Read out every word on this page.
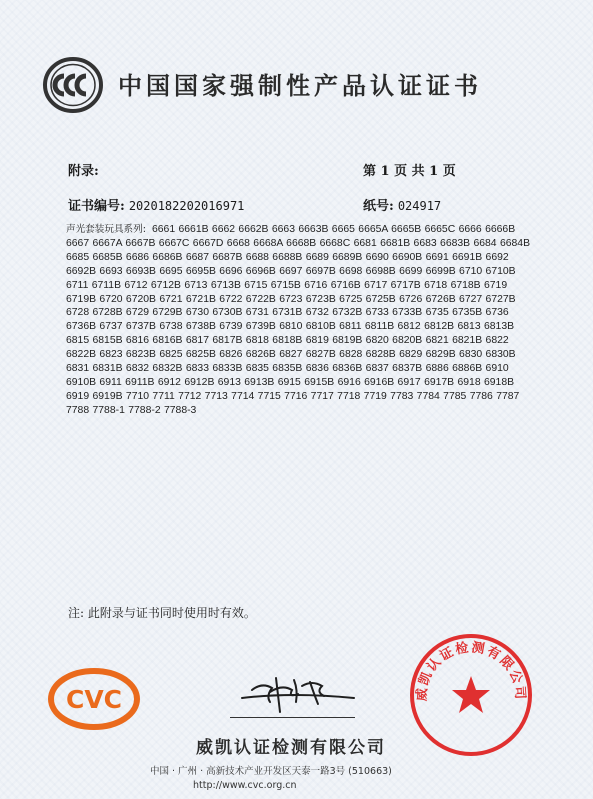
中国国家强制性产品认证证书
附录:	第 1 页 共 1 页
证书编号: 2020182202016971	纸号: 024917
声光套装玩具系列: 6661 6661B 6662 6662B 6663 6663B 6665 6665A 6665B 6665C 6666 6666B 6667 6667A 6667B 6667C 6667D 6668 6668A 6668B 6668C 6681 6681B 6683 6683B 6684 6684B 6685 6685B 6686 6686B 6687 6687B 6688 6688B 6689 6689B 6690 6690B 6691 6691B 6692 6692B 6693 6693B 6695 6695B 6696 6696B 6697 6697B 6698 6698B 6699 6699B 6710 6710B 6711 6711B 6712 6712B 6713 6713B 6715 6715B 6716 6716B 6717 6717B 6718 6718B 6719 6719B 6720 6720B 6721 6721B 6722 6722B 6723 6723B 6725 6725B 6726 6726B 6727 6727B 6728 6728B 6729 6729B 6730 6730B 6731 6731B 6732 6732B 6733 6733B 6735 6735B 6736 6736B 6737 6737B 6738 6738B 6739 6739B 6810 6810B 6811 6811B 6812 6812B 6813 6813B 6815 6815B 6816 6816B 6817 6817B 6818 6818B 6819 6819B 6820 6820B 6821 6821B 6822 6822B 6823 6823B 6825 6825B 6826 6826B 6827 6827B 6828 6828B 6829 6829B 6830 6830B 6831 6831B 6832 6832B 6833 6833B 6835 6835B 6836 6836B 6837 6837B 6886 6886B 6910 6910B 6911 6911B 6912 6912B 6913 6913B 6915 6915B 6916 6916B 6917 6917B 6918 6918B 6919 6919B 7710 7711 7712 7713 7714 7715 7716 7717 7718 7719 7783 7784 7785 7786 7787 7788 7788-1 7788-2 7788-3
注: 此附录与证书同时使用时有效。
CVC
威凯认证检测有限公司
中国 · 广州 · 高新技术产业开发区天泰一路3号 (510663)
http://www.cvc.org.cn
威凯认证检测有限公司
